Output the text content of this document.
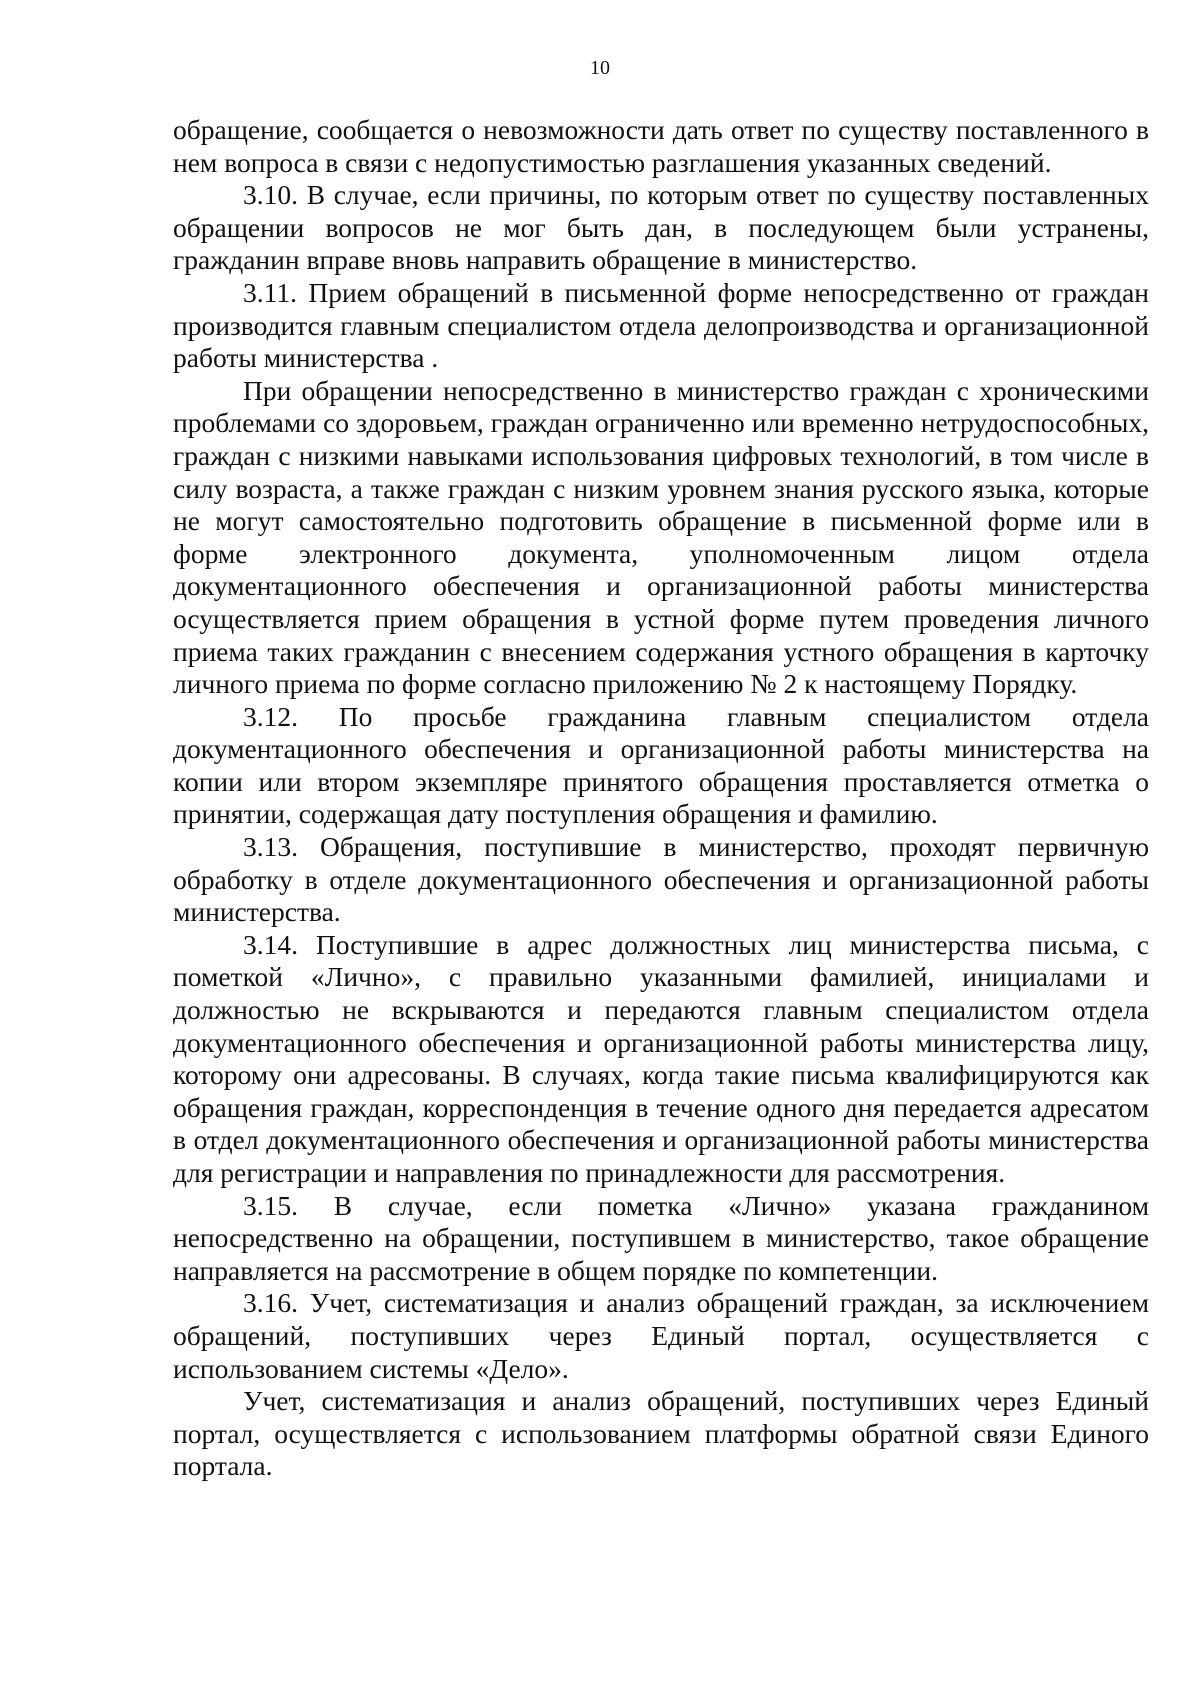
10

обращение, сообщается о невозможности дать ответ по существу поставленного в нем вопроса в связи с недопустимостью разглашения указанных сведений.

3.10. В случае, если причины, по которым ответ по существу поставленных обращении вопросов не мог быть дан, в последующем были устранены, гражданин вправе вновь направить обращение в министерство.

3.11. Прием обращений в письменной форме непосредственно от граждан производится главным специалистом отдела делопроизводства и организационной работы министерства .

При обращении непосредственно в министерство граждан с хроническими проблемами со здоровьем, граждан ограниченно или временно нетрудоспособных, граждан с низкими навыками использования цифровых технологий, в том числе в силу возраста, а также граждан с низким уровнем знания русского языка, которые не могут самостоятельно подготовить обращение в письменной форме или в форме электронного документа, уполномоченным лицом отдела документационного обеспечения и организационной работы министерства осуществляется прием обращения в устной форме путем проведения личного приема таких гражданин с внесением содержания устного обращения в карточку личного приема по форме согласно приложению № 2 к настоящему Порядку.

3.12. По просьбе гражданина главным специалистом отдела документационного обеспечения и организационной работы министерства на копии или втором экземпляре принятого обращения проставляется отметка о принятии, содержащая дату поступления обращения и фамилию.

3.13. Обращения, поступившие в министерство, проходят первичную обработку в отделе документационного обеспечения и организационной работы министерства.

3.14. Поступившие в адрес должностных лиц министерства письма, с пометкой «Лично», с правильно указанными фамилией, инициалами и должностью не вскрываются и передаются главным специалистом отдела документационного обеспечения и организационной работы министерства лицу, которому они адресованы. В случаях, когда такие письма квалифицируются как обращения граждан, корреспонденция в течение одного дня передается адресатом в отдел документационного обеспечения и организационной работы министерства для регистрации и направления по принадлежности для рассмотрения.

3.15. В случае, если пометка «Лично» указана гражданином непосредственно на обращении, поступившем в министерство, такое обращение направляется на рассмотрение в общем порядке по компетенции.

3.16. Учет, систематизация и анализ обращений граждан, за исключением обращений, поступивших через Единый портал, осуществляется с использованием системы «Дело».

Учет, систематизация и анализ обращений, поступивших через Единый портал, осуществляется с использованием платформы обратной связи Единого портала.
